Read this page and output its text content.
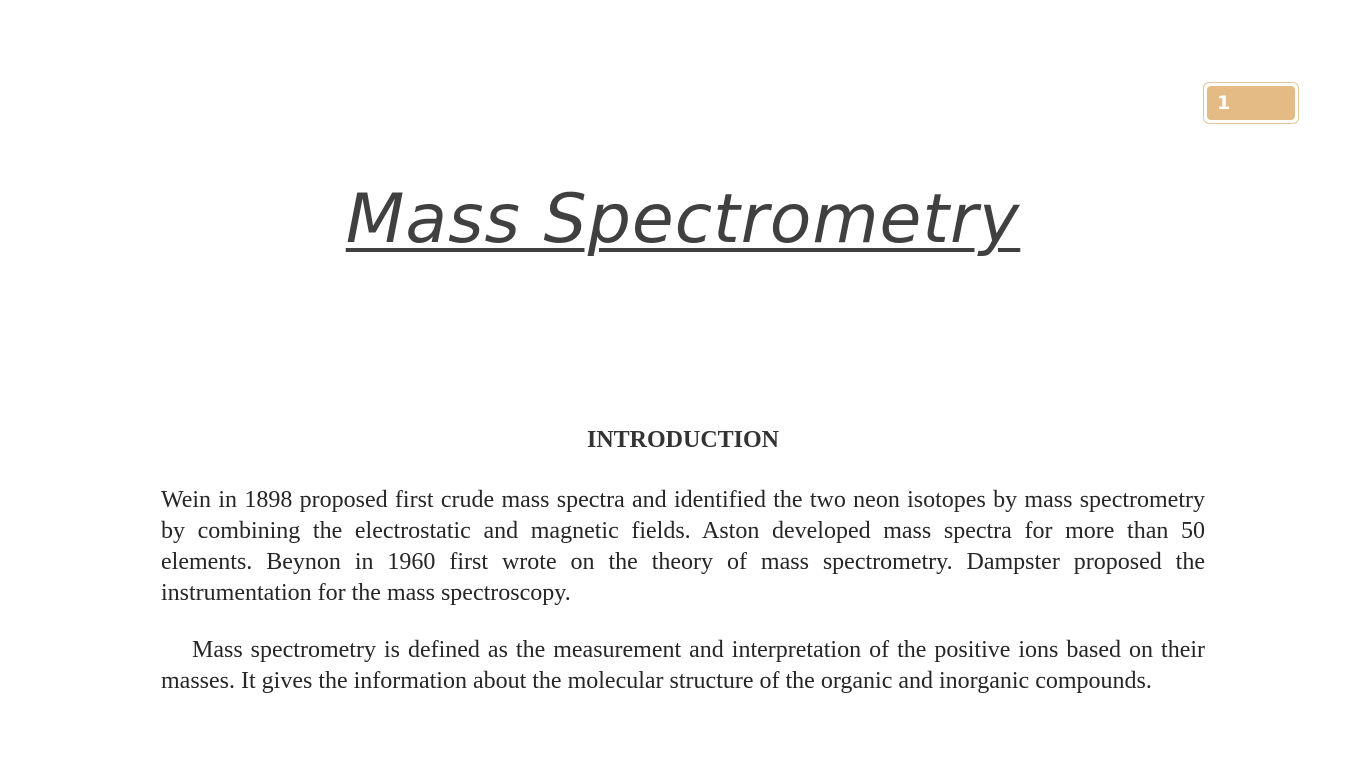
1
Mass Spectrometry
INTRODUCTION

Wein in 1898 proposed first crude mass spectra and identified the two neon isotopes by mass spectrometry by combining the electrostatic and magnetic fields. Aston developed mass spectra for more than 50 elements. Beynon in 1960 first wrote on the theory of mass spectrometry. Dampster proposed the instrumentation for the mass spectroscopy.

Mass spectrometry is defined as the measurement and interpretation of the positive ions based on their masses. It gives the information about the molecular structure of the organic and inorganic compounds.
